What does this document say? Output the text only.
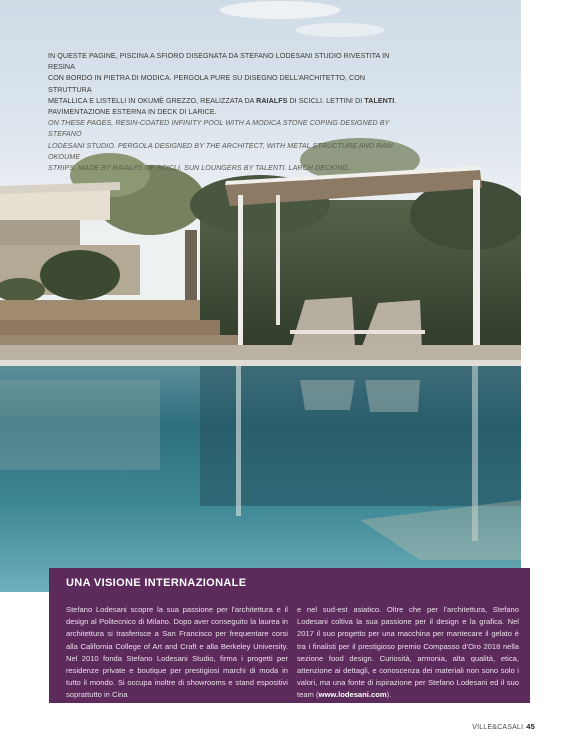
IN QUESTE PAGINE, PISCINA A SFIORO DISEGNATA DA STEFANO LODESANI STUDIO RIVESTITA IN RESINA
CON BORDO IN PIETRA DI MODICA. PERGOLA PURE SU DISEGNO DELL’ARCHITETTO, CON STRUTTURA
METALLICA E LISTELLI IN OKUMÈ GREZZO, REALIZZATA DA RAIALFS DI SCICLI. LETTINI DI TALENTI.
PAVIMENTAZIONE ESTERNA IN DECK DI LARICE.
ON THESE PAGES, RESIN-COATED INFINITY POOL WITH A MODICA STONE COPING DESIGNED BY STEFANO
LODESANI STUDIO. PERGOLA DESIGNED BY THE ARCHITECT, WITH METAL STRUCTURE AND RAW OKOUME
STRIPS, MADE BY RAIALFS OF SCICLI. SUN LOUNGERS BY TALENTI. LARCH DECKING.
UNA VISIONE INTERNAZIONALE
Stefano Lodesani scopre la sua passione per l’architettura e il design al Politecnico di Milano. Dopo aver conseguito la laurea in architettura si trasferisce a San Francisco per frequentare corsi alla California College of Art and Craft e alla Berkeley University. Nel 2010 fonda Stefano Lodesani Studio, firma i progetti per residenze private e boutique per prestigiosi marchi di moda in tutto il mondo. Si occupa inoltre di showrooms e stand espositivi soprattutto in Cina
e nel sud-est asiatico. Oltre che per l’architettura, Stefano Lodesani coltiva la sua passione per il design e la grafica. Nel 2017 il suo progetto per una macchina per mantecare il gelato è tra i finalisti per il prestigioso premio Compasso d’Oro 2018 nella sezione food design. Curiosità, armonia, alta qualità, etica, attenzione ai dettagli, e conoscenza dei materiali non sono solo i valori, ma una fonte di ispirazione per Stefano Lodesani ed il suo team (www.lodesani.com).
VILLE&CASALI 45
